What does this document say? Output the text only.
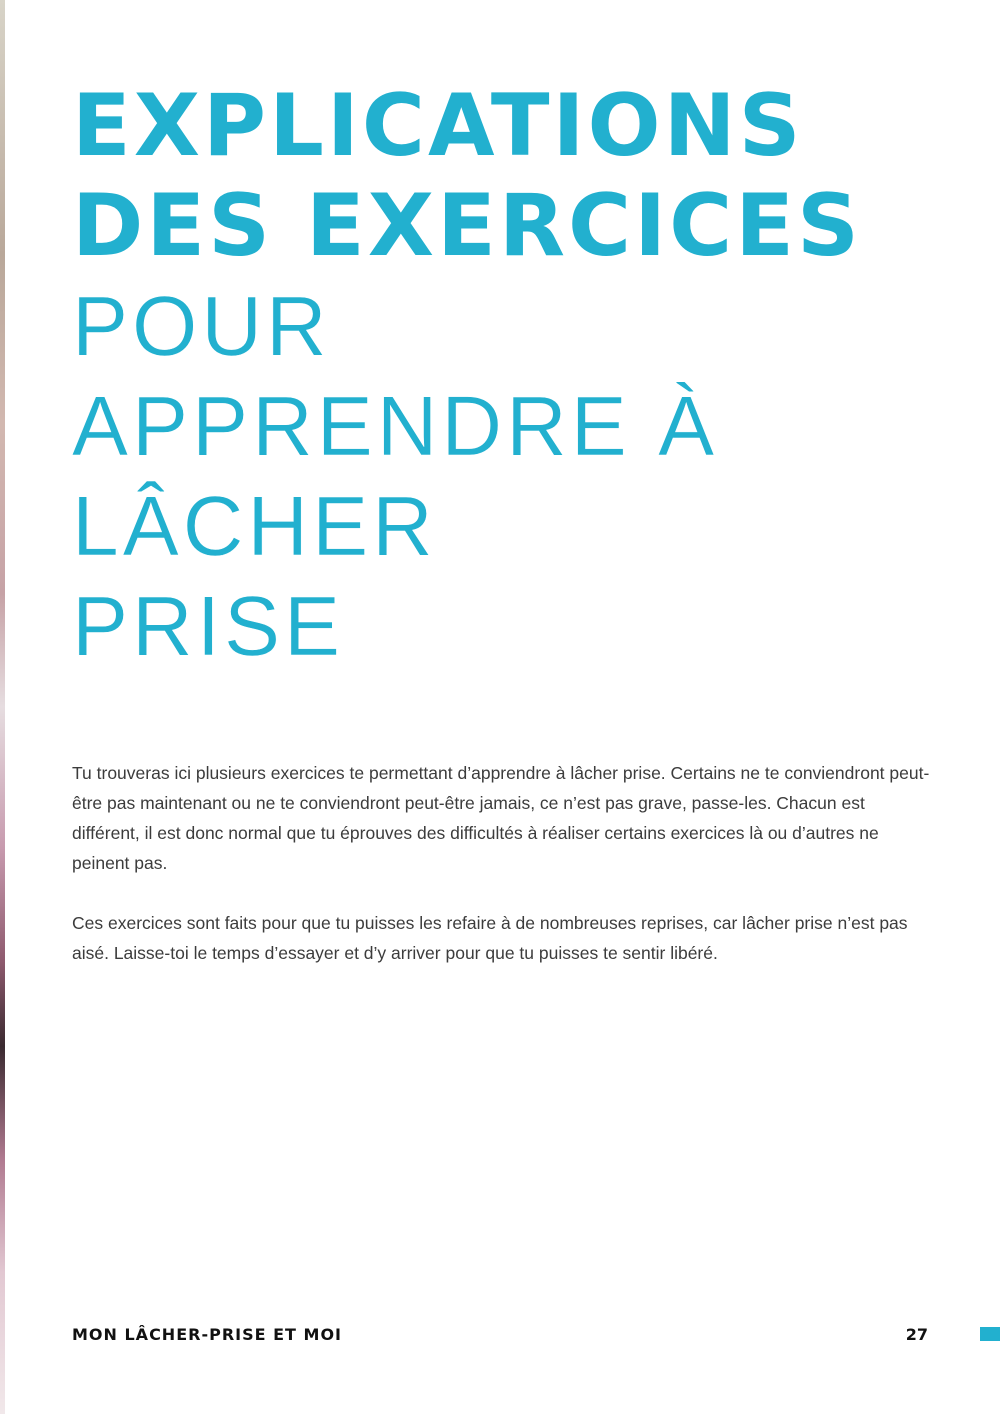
EXPLICATIONS
DES EXERCICES
POUR
APPRENDRE À
LÂCHER
PRISE

Tu trouveras ici plusieurs exercices te permettant d’apprendre à lâcher prise. Certains ne te conviendront peut-être pas maintenant ou ne te conviendront peut-être jamais, ce n’est pas grave, passe-les. Chacun est différent, il est donc normal que tu éprouves des difficultés à réaliser certains exercices là ou d’autres ne peinent pas.

Ces exercices sont faits pour que tu puisses les refaire à de nombreuses reprises, car lâcher prise n’est pas aisé. Laisse-toi le temps d’essayer et d’y arriver pour que tu puisses te sentir libéré.

MON LÂCHER-PRISE ET MOI	27
